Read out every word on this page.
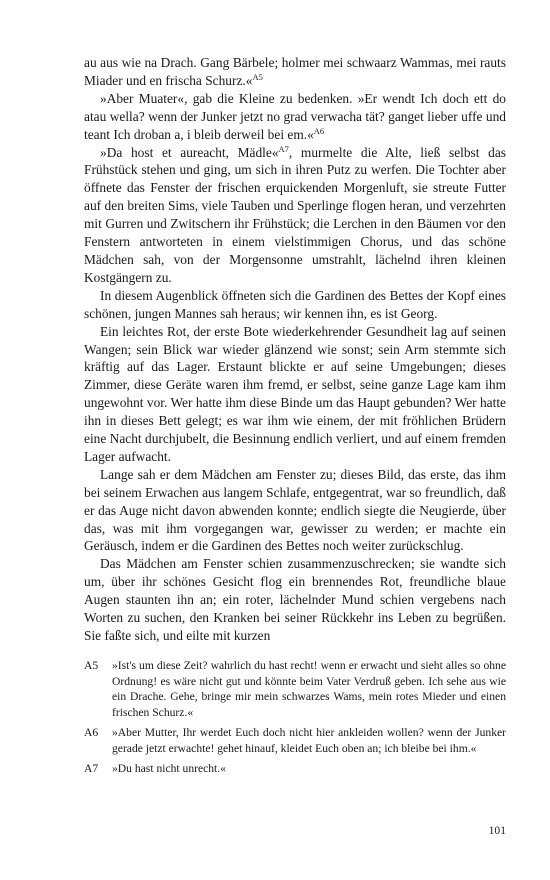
au aus wie na Drach. Gang Bärbele; holmer mei schwaarz Wammas, mei rauts Miader und en frischa Schurz.«$^{A5}$

»Aber Muater«, gab die Kleine zu bedenken. »Er wendt Ich doch ett do atau wella? wenn der Junker jetzt no grad verwacha tät? ganget lieber uffe und teant Ich droban a, i bleib derweil bei em.«$^{A6}$

»Da host et aureacht, Mädle«$^{A7}$, murmelte die Alte, ließ selbst das Frühstück stehen und ging, um sich in ihren Putz zu werfen. Die Tochter aber öffnete das Fenster der frischen erquickenden Morgenluft, sie streute Futter auf den breiten Sims, viele Tauben und Sperlinge flogen heran, und verzehrten mit Gurren und Zwitschern ihr Frühstück; die Lerchen in den Bäumen vor den Fenstern antworteten in einem vielstimmigen Chorus, und das schöne Mädchen sah, von der Morgensonne umstrahlt, lächelnd ihren kleinen Kostgängern zu.

In diesem Augenblick öffneten sich die Gardinen des Bettes der Kopf eines schönen, jungen Mannes sah heraus; wir kennen ihn, es ist Georg.

Ein leichtes Rot, der erste Bote wiederkehrender Gesundheit lag auf seinen Wangen; sein Blick war wieder glänzend wie sonst; sein Arm stemmte sich kräftig auf das Lager. Erstaunt blickte er auf seine Umgebungen; dieses Zimmer, diese Geräte waren ihm fremd, er selbst, seine ganze Lage kam ihm ungewohnt vor. Wer hatte ihm diese Binde um das Haupt gebunden? Wer hatte ihn in dieses Bett gelegt; es war ihm wie einem, der mit fröhlichen Brüdern eine Nacht durchjubelt, die Besinnung endlich verliert, und auf einem fremden Lager aufwacht.

Lange sah er dem Mädchen am Fenster zu; dieses Bild, das erste, das ihm bei seinem Erwachen aus langem Schlafe, entgegentrat, war so freundlich, daß er das Auge nicht davon abwenden konnte; endlich siegte die Neugierde, über das, was mit ihm vorgegangen war, gewisser zu werden; er machte ein Geräusch, indem er die Gardinen des Bettes noch weiter zurückschlug.

Das Mädchen am Fenster schien zusammenzuschrecken; sie wandte sich um, über ihr schönes Gesicht flog ein brennendes Rot, freundliche blaue Augen staunten ihn an; ein roter, lächelnder Mund schien vergebens nach Worten zu suchen, den Kranken bei seiner Rückkehr ins Leben zu begrüßen. Sie faßte sich, und eilte mit kurzen

A5	»Ist's um diese Zeit? wahrlich du hast recht! wenn er erwacht und sieht alles so ohne Ordnung! es wäre nicht gut und könnte beim Vater Verdruß geben. Ich sehe aus wie ein Drache. Gehe, bringe mir mein schwarzes Wams, mein rotes Mieder und einen frischen Schurz.«
A6	»Aber Mutter, Ihr werdet Euch doch nicht hier ankleiden wollen? wenn der Junker gerade jetzt erwachte! gehet hinauf, kleidet Euch oben an; ich bleibe bei ihm.«
A7	»Du hast nicht unrecht.«
101
